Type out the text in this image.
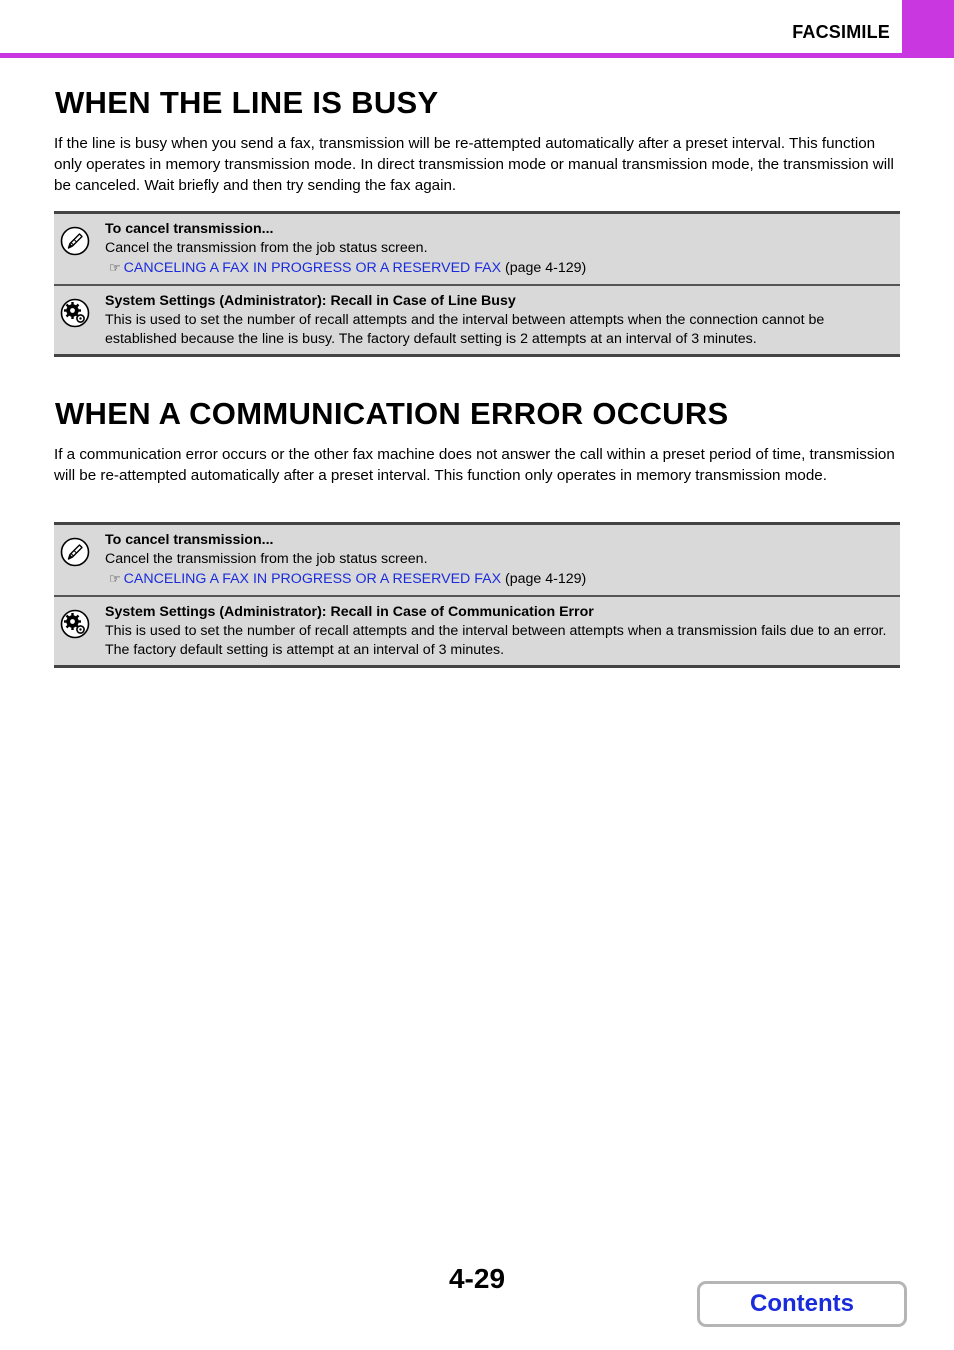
FACSIMILE
WHEN THE LINE IS BUSY

If the line is busy when you send a fax, transmission will be re-attempted automatically after a preset interval. This function only operates in memory transmission mode. In direct transmission mode or manual transmission mode, the transmission will be canceled. Wait briefly and then try sending the fax again.

To cancel transmission...
Cancel the transmission from the job status screen.
☞ CANCELING A FAX IN PROGRESS OR A RESERVED FAX (page 4-129)
System Settings (Administrator): Recall in Case of Line Busy
This is used to set the number of recall attempts and the interval between attempts when the connection cannot be established because the line is busy. The factory default setting is 2 attempts at an interval of 3 minutes.
WHEN A COMMUNICATION ERROR OCCURS

If a communication error occurs or the other fax machine does not answer the call within a preset period of time, transmission will be re-attempted automatically after a preset interval. This function only operates in memory transmission mode.

To cancel transmission...
Cancel the transmission from the job status screen.
☞ CANCELING A FAX IN PROGRESS OR A RESERVED FAX (page 4-129)
System Settings (Administrator): Recall in Case of Communication Error
This is used to set the number of recall attempts and the interval between attempts when a transmission fails due to an error. The factory default setting is attempt at an interval of 3 minutes.
4-29
Contents
